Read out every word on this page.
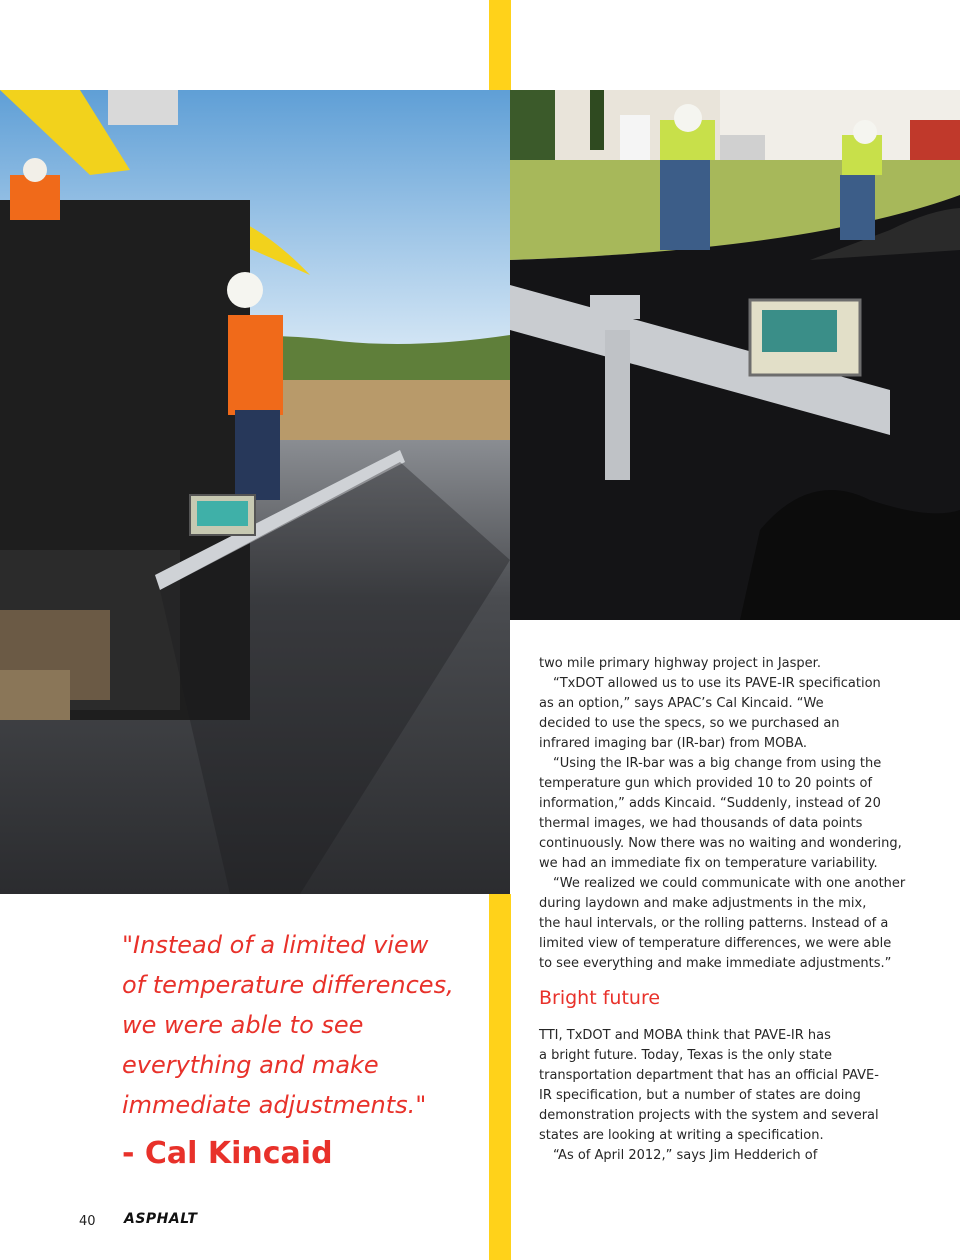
two mile primary highway project in Jasper.
“TxDOT allowed us to use its PAVE-IR specification
as an option,” says APAC’s Cal Kincaid. “We
decided to use the specs, so we purchased an
infrared imaging bar (IR-bar) from MOBA.
“Using the IR-bar was a big change from using the
temperature gun which provided 10 to 20 points of
information,” adds Kincaid. “Suddenly, instead of 20
thermal images, we had thousands of data points
continuously. Now there was no waiting and wondering,
we had an immediate fix on temperature variability.
“We realized we could communicate with one another
during laydown and make adjustments in the mix,
the haul intervals, or the rolling patterns. Instead of a
limited view of temperature differences, we were able
to see everything and make immediate adjustments.”
Bright future
TTI, TxDOT and MOBA think that PAVE-IR has
a bright future. Today, Texas is the only state
transportation department that has an official PAVE-
IR specification, but a number of states are doing
demonstration projects with the system and several
states are looking at writing a specification.
“As of April 2012,” says Jim Hedderich of
"Instead of a limited view
of temperature differences,
we were able to see
everything and make
immediate adjustments."
- Cal Kincaid
40 ASPHALT
